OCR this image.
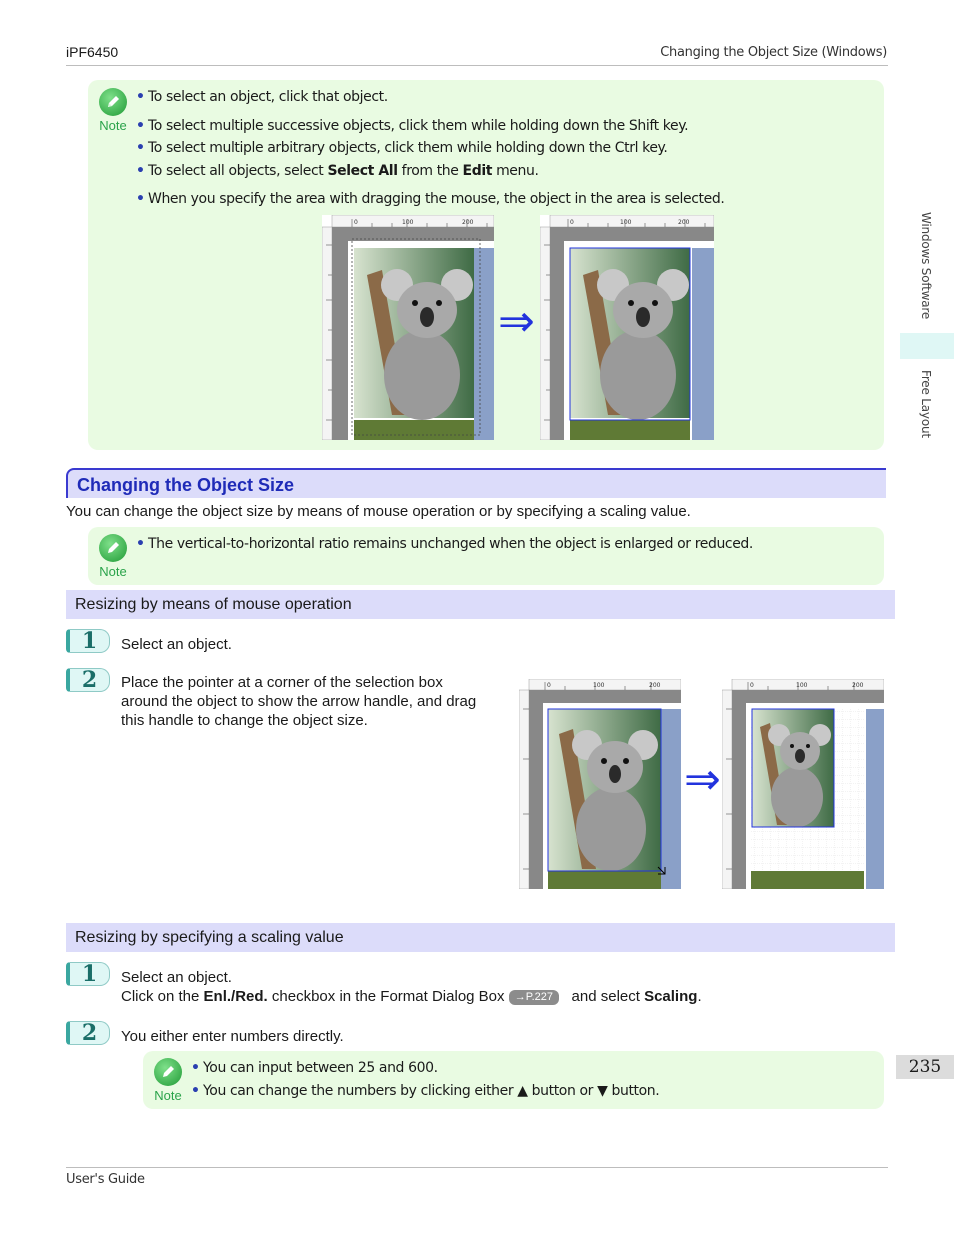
iPF6450	Changing the Object Size (Windows)
Windows Software
Free Layout
235
Note
• To select an object, click that object.
• To select multiple successive objects, click them while holding down the Shift key.
• To select multiple arbitrary objects, click them while holding down the Ctrl key.
• To select all objects, select Select All from the Edit menu.
• When you specify the area with dragging the mouse, the object in the area is selected.
0	100	200
⇒
0	100	200
Changing the Object Size
You can change the object size by means of mouse operation or by specifying a scaling value.
Note
• The vertical-to-horizontal ratio remains unchanged when the object is enlarged or reduced.
Resizing by means of mouse operation
1	Select an object.
2	Place the pointer at a corner of the selection box
around the object to show the arrow handle, and drag
this handle to change the object size.
0	100	200
⇒
0	100	200
Resizing by specifying a scaling value
1	Select an object.
Click on the Enl./Red. checkbox in the Format Dialog Box →P.227   and select Scaling.
2	You either enter numbers directly.
Note
• You can input between 25 and 600.
• You can change the numbers by clicking either ▲ button or ▼ button.
User's Guide
